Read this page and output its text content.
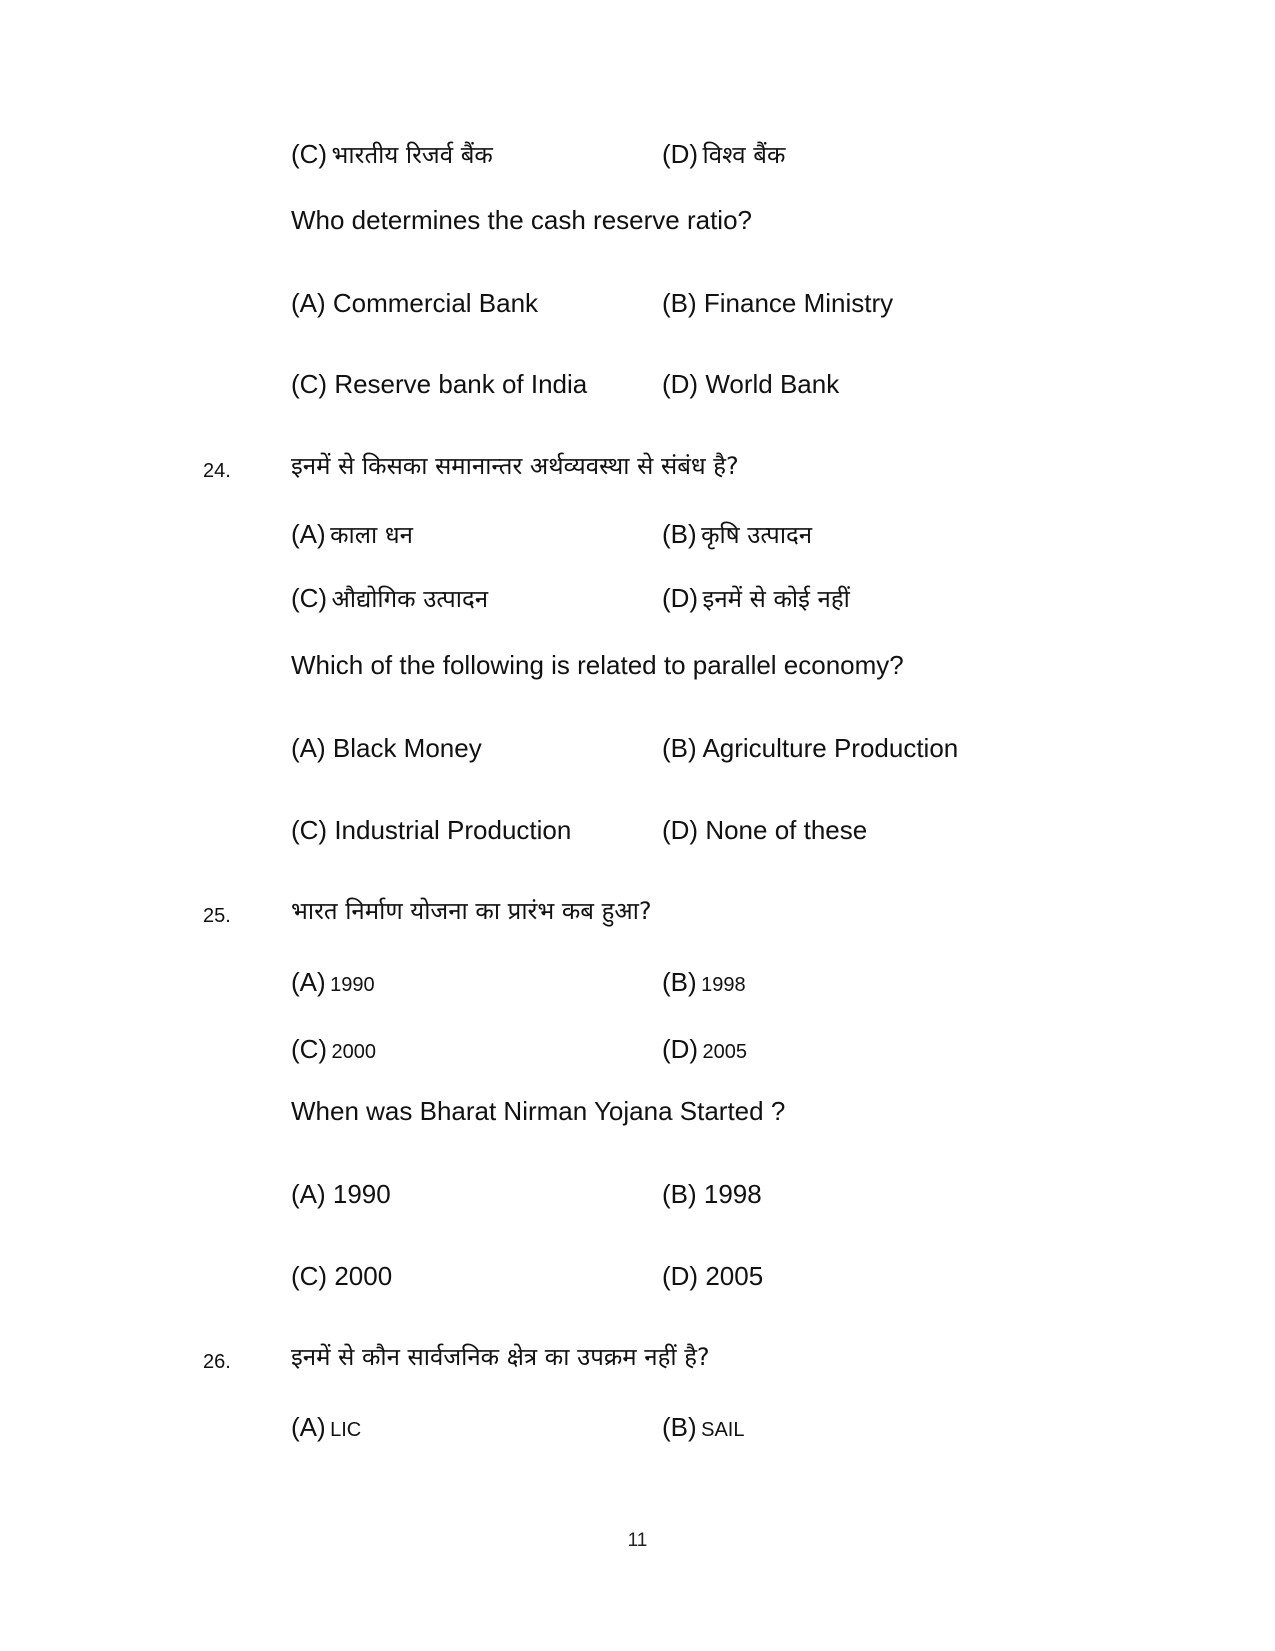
(C) भारतीय रिजर्व बैंक	(D) विश्व बैंक
Who determines the cash reserve ratio?
(A) Commercial Bank	(B) Finance Ministry
(C) Reserve bank of India	(D) World Bank
24.	इनमें से किसका समानान्तर अर्थव्यवस्था से संबंध है?
(A) काला धन	(B) कृषि उत्पादन
(C) औद्योगिक उत्पादन	(D) इनमें से कोई नहीं
Which of the following is related to parallel economy?
(A) Black Money	(B) Agriculture Production
(C) Industrial Production	(D) None of these
25.	भारत निर्माण योजना का प्रारंभ कब हुआ?
(A) 1990	(B) 1998
(C) 2000	(D) 2005
When was Bharat Nirman Yojana Started ?
(A) 1990	(B) 1998
(C) 2000	(D) 2005
26.	इनमें से कौन सार्वजनिक क्षेत्र का उपक्रम नहीं है?
(A) LIC	(B) SAIL
11
